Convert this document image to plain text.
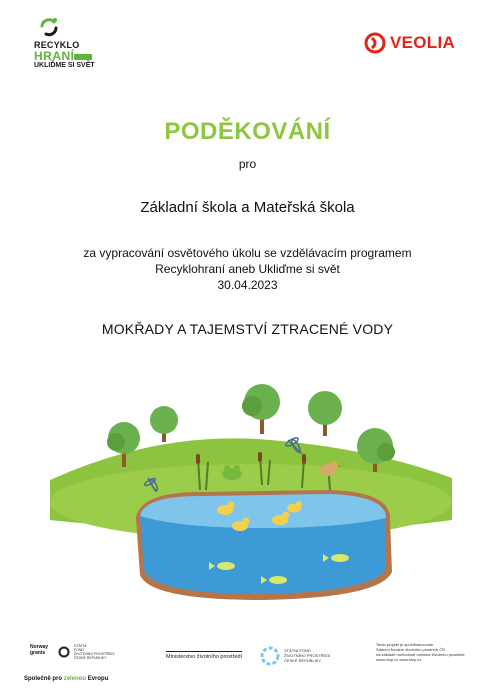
RECYKLO
HRANÍ
UKLIĎME SI SVĚT
VEOLIA
PODĚKOVÁNÍ
pro
Základní škola a Mateřská škola
za vypracování osvětového úkolu se vzdělávacím programem
Recyklohraní aneb Ukliďme si svět
30.04.2023
MOKŘADY A TAJEMSTVÍ ZTRACENÉ VODY
Norway
grants
Společně pro zelenou Evropu
STÁTNÍ
FOND
ŽIVOTNÍHO PROSTŘEDÍ
ČESKÉ REPUBLIKY	Ministerstvo životního prostředí
STÁTNÍ FOND
ŽIVOTNÍHO PROSTŘEDÍ
ČESKÉ REPUBLIKY
Tento projekt je spolufinancován
Státním fondem životního prostředí ČR
na základě rozhodnutí ministra životního prostředí.
www.mzp.cz www.sfzp.cz
